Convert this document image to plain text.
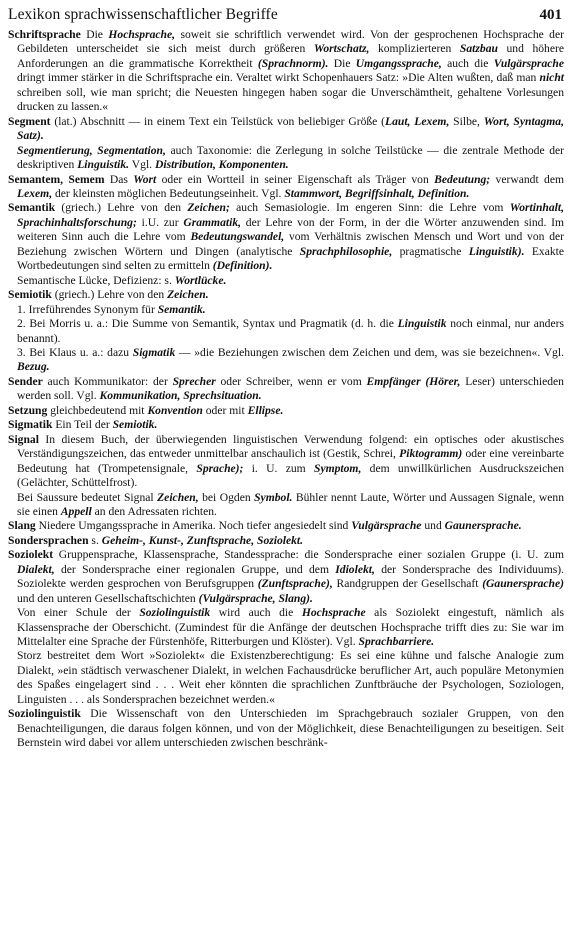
Lexikon sprachwissenschaftlicher Begriffe	401

Schriftsprache Die Hochsprache, soweit sie schriftlich verwendet wird. Von der gesprochenen Hochsprache der Gebildeten unterscheidet sie sich meist durch größeren Wortschatz, komplizierteren Satzbau und höhere Anforderungen an die grammatische Korrektheit (Sprachnorm). Die Umgangssprache, auch die Vulgärsprache dringt immer stärker in die Schriftsprache ein. Veraltet wirkt Schopenhauers Satz: »Die Alten wußten, daß man nicht schreiben soll, wie man spricht; die Neuesten hingegen haben sogar die Unverschämtheit, gehaltene Vorlesungen drucken zu lassen.«

Segment (lat.) Abschnitt — in einem Text ein Teilstück von beliebiger Größe (Laut, Lexem, Silbe, Wort, Syntagma, Satz).

Segmentierung, Segmentation, auch Taxonomie: die Zerlegung in solche Teilstücke — die zentrale Methode der deskriptiven Linguistik. Vgl. Distribution, Komponenten.

Semantem, Semem Das Wort oder ein Wortteil in seiner Eigenschaft als Träger von Bedeutung; verwandt dem Lexem, der kleinsten möglichen Bedeutungseinheit. Vgl. Stammwort, Begriffsinhalt, Definition.

Semantik (griech.) Lehre von den Zeichen; auch Semasiologie. Im engeren Sinn: die Lehre vom Wortinhalt, Sprachinhaltsforschung; i.U. zur Grammatik, der Lehre von der Form, in der die Wörter anzuwenden sind. Im weiteren Sinn auch die Lehre vom Bedeutungswandel, vom Verhältnis zwischen Mensch und Wort und von der Beziehung zwischen Wörtern und Dingen (analytische Sprachphilosophie, pragmatische Linguistik). Exakte Wortbedeutungen sind selten zu ermitteln (Definition).

Semantische Lücke, Defizienz: s. Wortlücke.

Semiotik (griech.) Lehre von den Zeichen.

1. Irreführendes Synonym für Semantik.

2. Bei Morris u. a.: Die Summe von Semantik, Syntax und Pragmatik (d. h. die Linguistik noch einmal, nur anders benannt).

3. Bei Klaus u. a.: dazu Sigmatik — »die Beziehungen zwischen dem Zeichen und dem, was sie bezeichnen«. Vgl. Bezug.

Sender auch Kommunikator: der Sprecher oder Schreiber, wenn er vom Empfänger (Hörer, Leser) unterschieden werden soll. Vgl. Kommunikation, Sprechsituation.

Setzung gleichbedeutend mit Konvention oder mit Ellipse.

Sigmatik Ein Teil der Semiotik.

Signal In diesem Buch, der überwiegenden linguistischen Verwendung folgend: ein optisches oder akustisches Verständigungszeichen, das entweder unmittelbar anschaulich ist (Gestik, Schrei, Piktogramm) oder eine vereinbarte Bedeutung hat (Trompetensignale, Sprache); i. U. zum Symptom, dem unwillkürlichen Ausdruckszeichen (Gelächter, Schüttelfrost).

Bei Saussure bedeutet Signal Zeichen, bei Ogden Symbol. Bühler nennt Laute, Wörter und Aussagen Signale, wenn sie einen Appell an den Adressaten richten.

Slang Niedere Umgangssprache in Amerika. Noch tiefer angesiedelt sind Vulgärsprache und Gaunersprache.

Sondersprachen s. Geheim-, Kunst-, Zunftsprache, Soziolekt.

Soziolekt Gruppensprache, Klassensprache, Standessprache: die Sondersprache einer sozialen Gruppe (i. U. zum Dialekt, der Sondersprache einer regionalen Gruppe, und dem Idiolekt, der Sondersprache des Individuums). Soziolekte werden gesprochen von Berufsgruppen (Zunftsprache), Randgruppen der Gesellschaft (Gaunersprache) und den unteren Gesellschaftschichten (Vulgärsprache, Slang).

Von einer Schule der Soziolinguistik wird auch die Hochsprache als Soziolekt eingestuft, nämlich als Klassensprache der Oberschicht. (Zumindest für die Anfänge der deutschen Hochsprache trifft dies zu: Sie war im Mittelalter eine Sprache der Fürstenhöfe, Ritterburgen und Klöster). Vgl. Sprachbarriere.

Storz bestreitet dem Wort »Soziolekt« die Existenzberechtigung: Es sei eine kühne und falsche Analogie zum Dialekt, »ein städtisch verwaschener Dialekt, in welchen Fachausdrücke beruflicher Art, auch populäre Metonymien des Spaßes eingelagert sind . . . Weit eher könnten die sprachlichen Zunftbräuche der Psychologen, Soziologen, Linguisten . . . als Sondersprachen bezeichnet werden.«

Soziolinguistik Die Wissenschaft von den Unterschieden im Sprachgebrauch sozialer Gruppen, von den Benachteiligungen, die daraus folgen können, und von der Möglichkeit, diese Benachteiligungen zu beseitigen. Seit Bernstein wird dabei vor allem unterschieden zwischen beschränk-
